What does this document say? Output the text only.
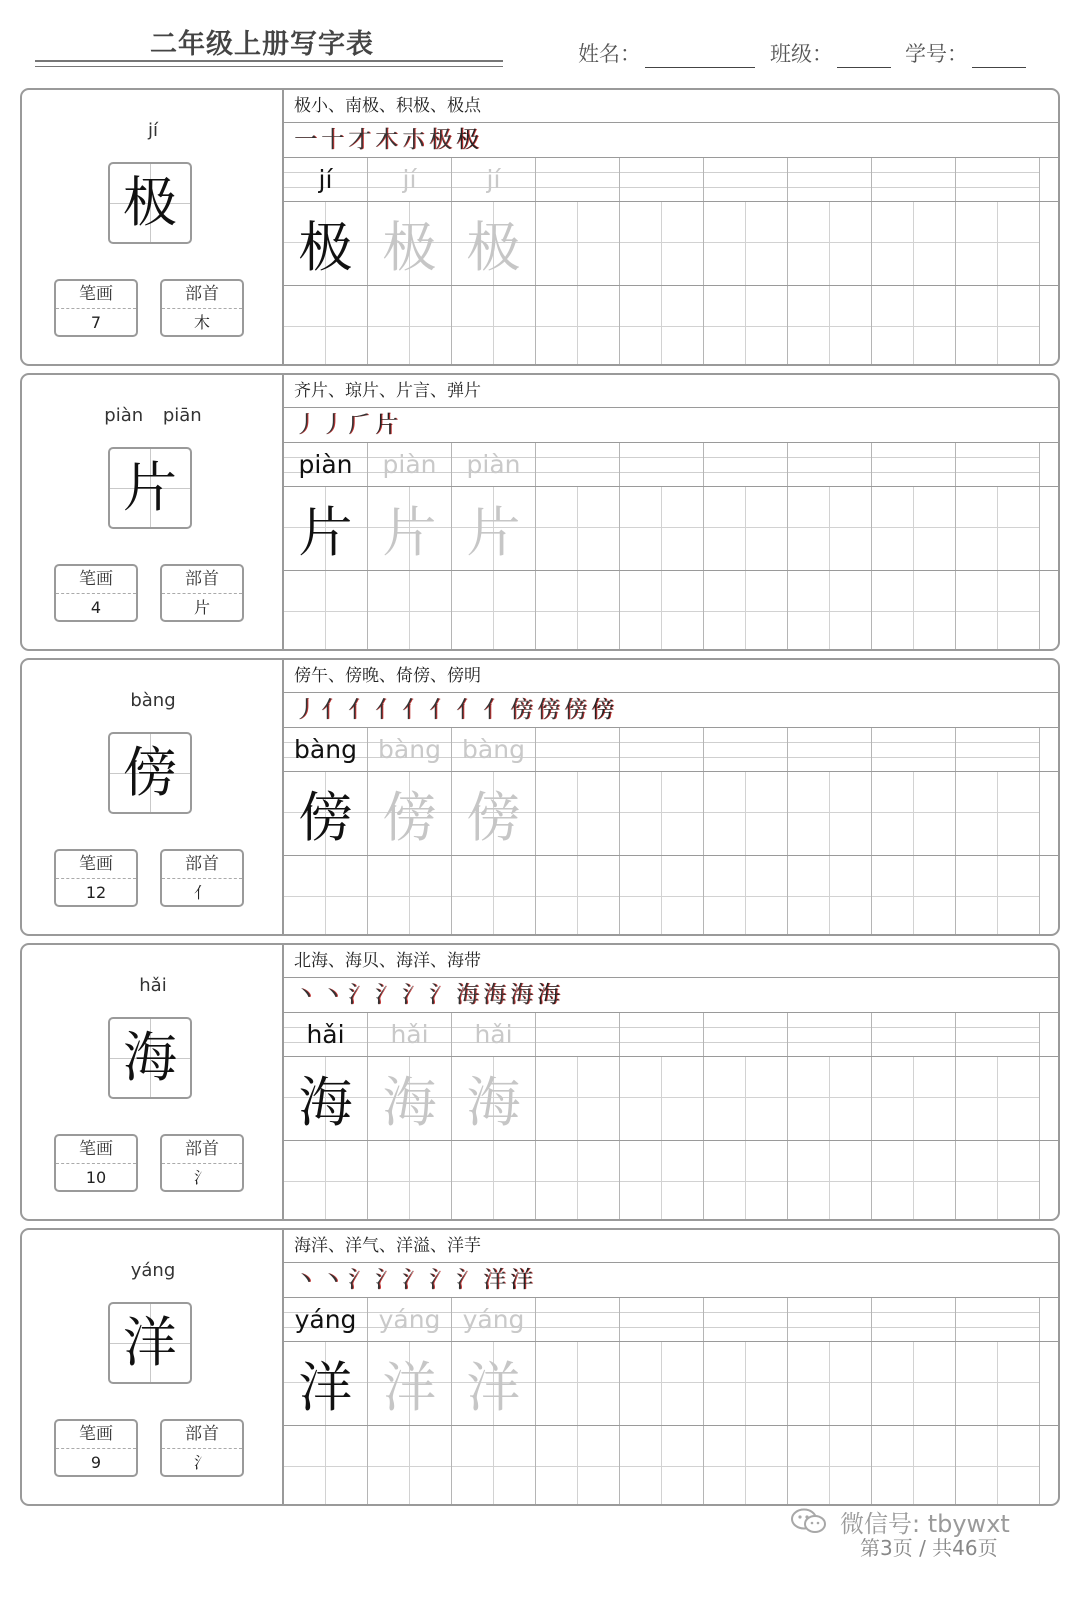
二年级上册写字表	姓名：	班级：	学号：
jí
极
笔画
7
部首
木
极小、南极、积极、极点
一 十 才 木 朩 极 极
jí	jí	jí
极 极 极
piàn piān
片
笔画
4
部首
片
齐片、琼片、片言、弹片
丿 丿 𠂆 片
piàn	piàn	piàn
片 片 片
bàng
傍
笔画
12
部首
亻
傍午、傍晚、倚傍、傍明
丿 亻 亻 亻 亻 亻 亻 亻 傍 傍 傍 傍
bàng bàng bàng
傍 傍 傍
hǎi
海
笔画
10
部首
氵
北海、海贝、海洋、海带
丶 丶 氵 氵 氵 氵 海 海 海 海
hǎi	hǎi	hǎi
海 海 海
yáng
洋
笔画
9
部首
氵
海洋、洋气、洋溢、洋芋
丶 丶 氵 氵 氵 氵 氵 洋 洋
yáng yáng yáng
洋 洋 洋
微信号: tbywxt
第3页 / 共46页
